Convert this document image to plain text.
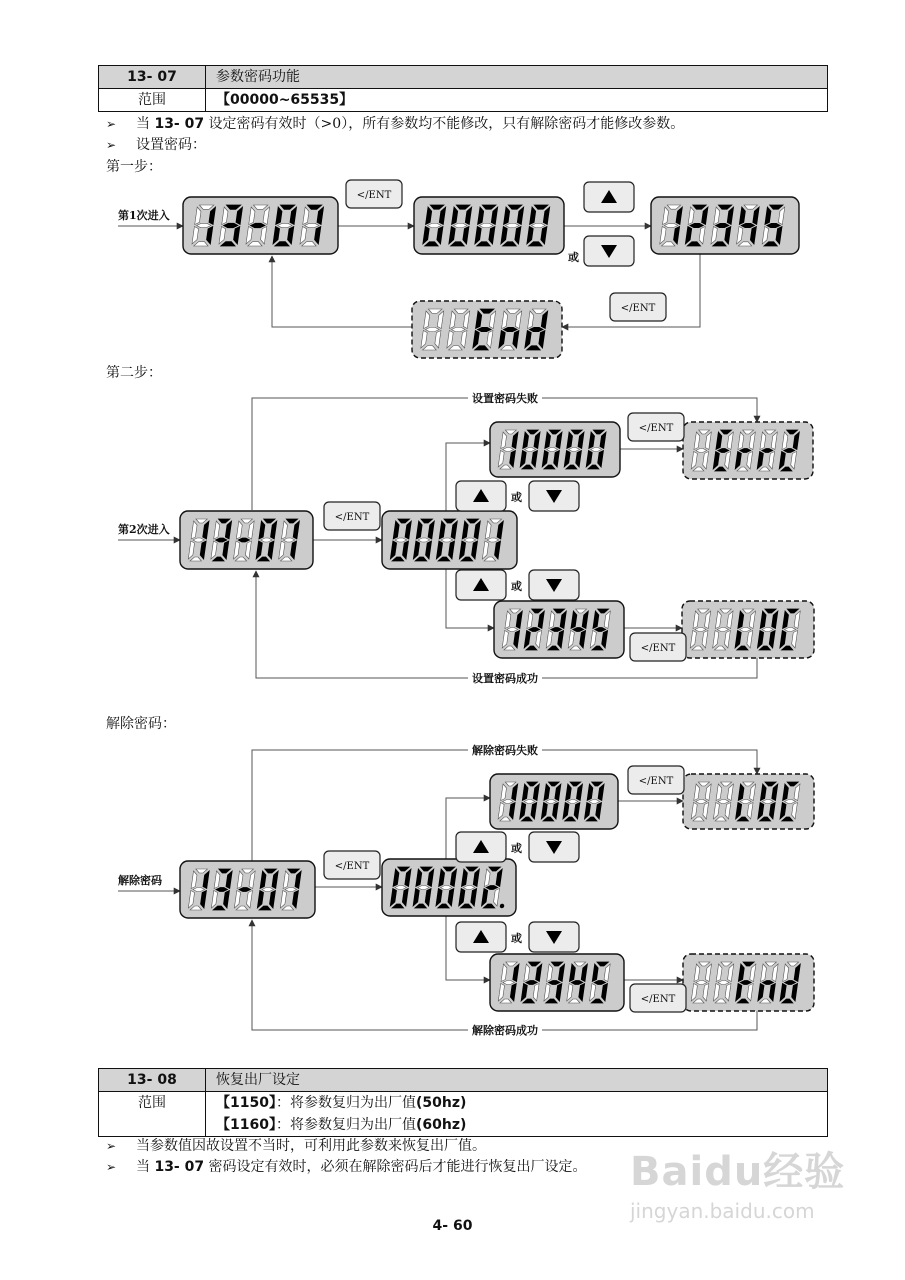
13- 07	参数密码功能
范围	【00000~65535】
➢ 当 13- 07 设定密码有效时（>0），所有参数均不能修改，只有解除密码才能修改参数。
➢ 设置密码：
第一步：
第二步：
解除密码：
</ENT
</ENT
</ENT
</ENT
</ENT
</ENT
</ENT
</ENT
第1次进入
或
设置密码失败
第2次进入
或
或
设置密码成功
解除密码失败
解除密码
或
或
解除密码成功
13- 08	恢复出厂设定
范围	【1150】：将参数复归为出厂值(50hz)
	【1160】：将参数复归为出厂值(60hz)
➢ 当参数值因故设置不当时，可利用此参数来恢复出厂值。
➢ 当 13- 07 密码设定有效时，必须在解除密码后才能进行恢复出厂设定。 Baidu经验
jingyan.baidu.com
4- 60
